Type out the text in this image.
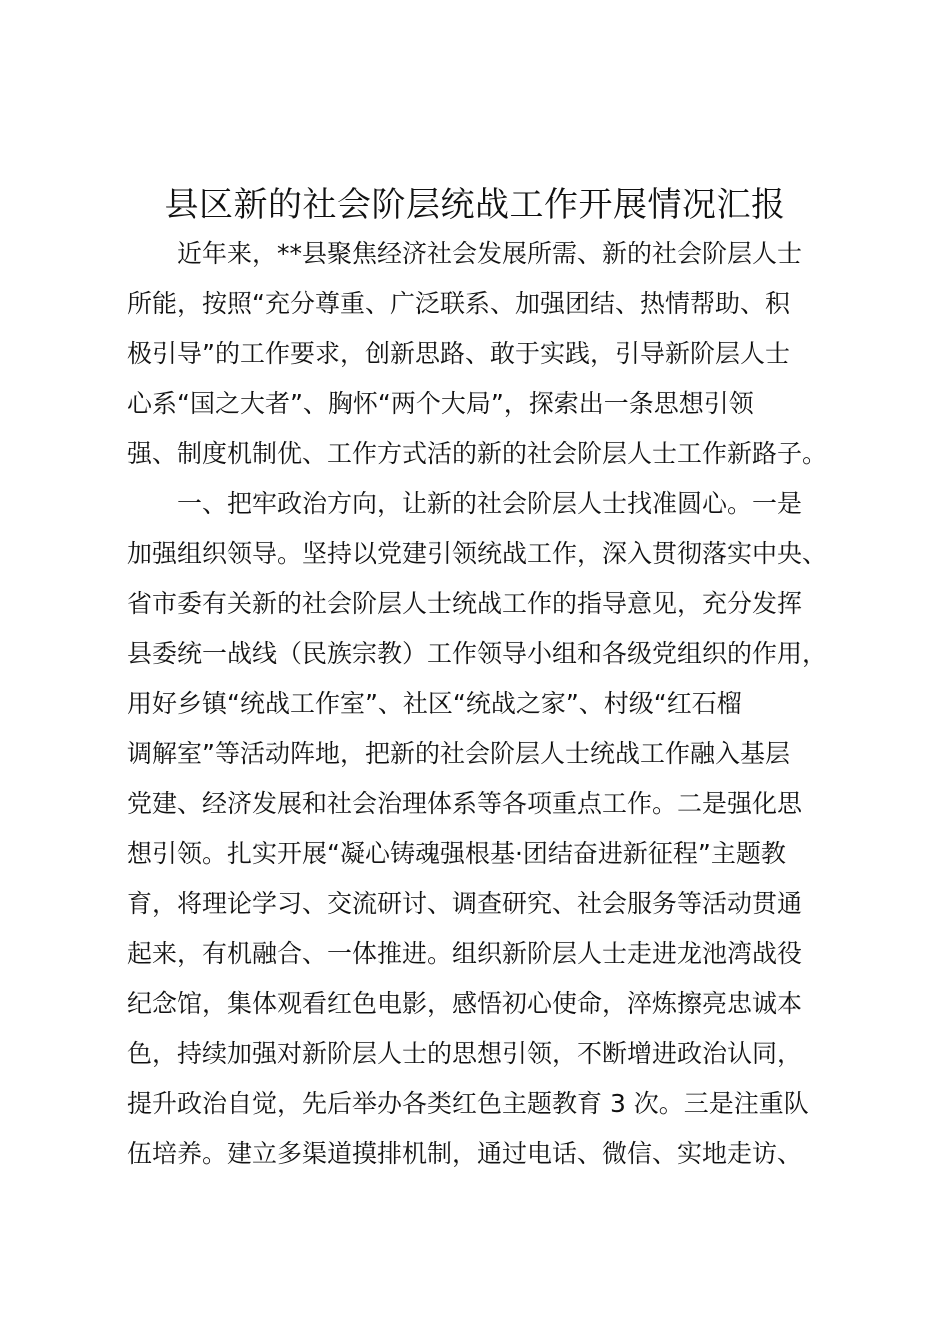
县区新的社会阶层统战工作开展情况汇报
近年来，**县聚焦经济社会发展所需、新的社会阶层人士
所能，按照“充分尊重、广泛联系、加强团结、热情帮助、积
极引导”的工作要求，创新思路、敢于实践，引导新阶层人士
心系“国之大者”、胸怀“两个大局”，探索出一条思想引领
强、制度机制优、工作方式活的新的社会阶层人士工作新路子。
一、把牢政治方向，让新的社会阶层人士找准圆心。一是
加强组织领导。坚持以党建引领统战工作，深入贯彻落实中央、
省市委有关新的社会阶层人士统战工作的指导意见，充分发挥
县委统一战线（民族宗教）工作领导小组和各级党组织的作用，
用好乡镇“统战工作室”、社区“统战之家”、村级“红石榴
调解室”等活动阵地，把新的社会阶层人士统战工作融入基层
党建、经济发展和社会治理体系等各项重点工作。二是强化思
想引领。扎实开展“凝心铸魂强根基·团结奋进新征程”主题教
育，将理论学习、交流研讨、调查研究、社会服务等活动贯通
起来，有机融合、一体推进。组织新阶层人士走进龙池湾战役
纪念馆，集体观看红色电影，感悟初心使命，淬炼擦亮忠诚本
色，持续加强对新阶层人士的思想引领，不断增进政治认同，
提升政治自觉，先后举办各类红色主题教育 3 次。三是注重队
伍培养。建立多渠道摸排机制，通过电话、微信、实地走访、
